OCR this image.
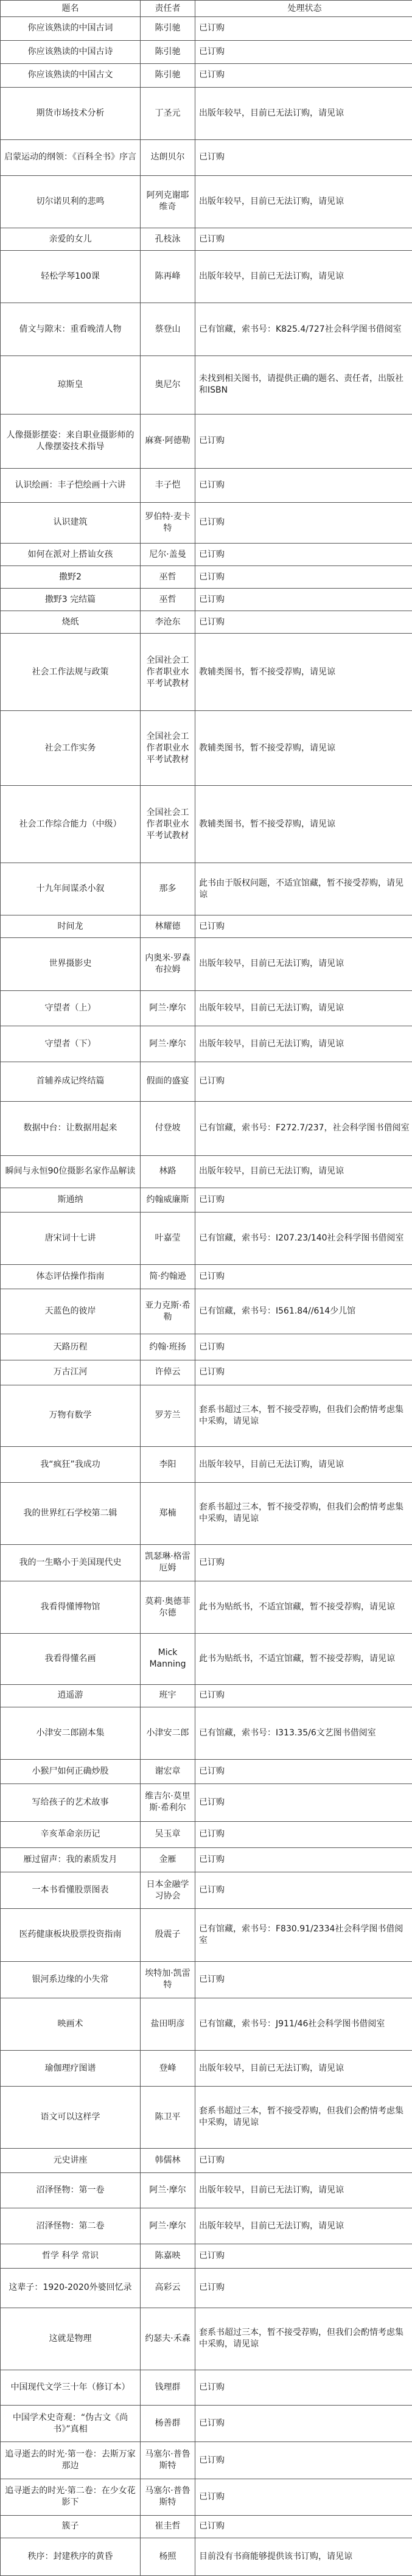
题名	责任者	处理状态
你应该熟读的中国古词	陈引驰	已订购
你应该熟读的中国古诗	陈引驰	已订购
你应该熟读的中国古文	陈引驰	已订购
期货市场技术分析	丁圣元	出版年较早，目前已无法订购，请见谅
启蒙运动的纲领：《百科全书》序言	达朗贝尔	已订购
切尔诺贝利的悲鸣	阿列克谢耶维奇	出版年较早，目前已无法订购，请见谅
亲爱的女儿	孔枝泳	已订购
轻松学琴100课	陈再峰	出版年较早，目前已无法订购，请见谅
倩文与隙末：重看晚清人物	蔡登山	已有馆藏，索书号：K825.4/727社会科学图书借阅室
琼斯皇	奥尼尔	未找到相关图书，请提供正确的题名、责任者，出版社和ISBN
人像摄影摆姿：来自职业摄影师的人像摆姿技术指导	麻赛·阿德勒	已订购
认识绘画：丰子恺绘画十六讲	丰子恺	已订购
认识建筑	罗伯特·麦卡特	已订购
如何在派对上搭讪女孩	尼尔·盖曼	已订购
撒野2	巫哲	已订购
撒野3 完结篇	巫哲	已订购
烧纸	李沧东	已订购
社会工作法规与政策	全国社会工作者职业水平考试教材	教辅类图书，暂不接受荐购，请见谅
社会工作实务	全国社会工作者职业水平考试教材	教辅类图书，暂不接受荐购，请见谅
社会工作综合能力（中级）	全国社会工作者职业水平考试教材	教辅类图书，暂不接受荐购，请见谅
十九年间谋杀小叙	那多	此书由于版权问题，不适宜馆藏，暂不接受荐购，请见谅
时间龙	林耀德	已订购
世界摄影史	内奥米·罗森布拉姆	出版年较早，目前已无法订购，请见谅
守望者（上）	阿兰·摩尔	出版年较早，目前已无法订购，请见谅
守望者（下）	阿兰·摩尔	出版年较早，目前已无法订购，请见谅
首辅养成记终结篇	假面的盛宴	已订购
数据中台：让数据用起来	付登坡	已有馆藏，索书号：F272.7/237，社会科学图书借阅室
瞬间与永恒90位摄影名家作品解读	林路	出版年较早，目前已无法订购，请见谅
斯通纳	约翰威廉斯	已订购
唐宋词十七讲	叶嘉莹	已有馆藏，索书号：I207.23/140社会科学图书借阅室
体态评估操作指南	简·约翰逊	已订购
天蓝色的彼岸	亚力克斯·希勒	已有馆藏，索书号：I561.84//614少儿馆
天路历程	约翰·班扬	已订购
万古江河	许倬云	已订购
万物有数学	罗芳兰	套系书超过三本，暂不接受荐购，但我们会酌情考虑集中采购，请见谅
我“疯狂”我成功	李阳	出版年较早，目前已无法订购，请见谅
我的世界红石学校第二辑	郑楠	套系书超过三本，暂不接受荐购，但我们会酌情考虑集中采购，请见谅
我的一生略小于美国现代史	凯瑟琳·格雷厄姆	已订购
我看得懂博物馆	莫莉·奥德菲尔德	此书为贴纸书，不适宜馆藏，暂不接受荐购，请见谅
我看得懂名画	Mick Manning	此书为贴纸书，不适宜馆藏，暂不接受荐购，请见谅
逍遥游	班宇	已订购
小津安二郎剧本集	小津安二郎	已有馆藏，索书号：I313.35/6文艺图书借阅室
小猴尸如何正确炒股	谢宏章	已订购
写给孩子的艺术故事	维吉尔·莫里斯·希利尔	已订购
辛亥革命亲历记	吴玉章	已订购
雁过留声：我的素质发月	金雁	已订购
一本书看懂股票图表	日本金融学习协会	已订购
医药健康板块股票投资指南	殷震子	已有馆藏，索书号：F830.91/2334社会科学图书借阅室
银河系边缘的小失常	埃特加·凯雷特	已订购
映画术	盐田明彦	已有馆藏，索书号：J911/46社会科学图书借阅室
瑜伽理疗图谱	登峰	出版年较早，目前已无法订购，请见谅
语文可以这样学	陈卫平	套系书超过三本，暂不接受荐购，但我们会酌情考虑集中采购，请见谅
元史讲座	韩儒林	已订购
沼泽怪物：第一卷	阿兰·摩尔	出版年较早，目前已无法订购，请见谅
沼泽怪物：第二卷	阿兰·摩尔	出版年较早，目前已无法订购，请见谅
哲学 科学 常识	陈嘉映	已订购
这辈子：1920-2020外婆回忆录	高彩云	已订购
这就是物理	约瑟夫·禾森	套系书超过三本，暂不接受荐购，但我们会酌情考虑集中采购，请见谅
中国现代文学三十年（修订本）	钱理群	已订购
中国学术史奇观：“伪古文《尚书》”真相	杨善群	已订购
追寻逝去的时光·第一卷：去斯万家那边	马塞尔·普鲁斯特	已订购
追寻逝去的时光·第二卷：在少女花影下	马塞尔·普鲁斯特	已订购
簇子	崔圭哲	已订购
秩序：封建秩序的黄昏	杨照	目前没有书商能够提供该书订购，请见谅
